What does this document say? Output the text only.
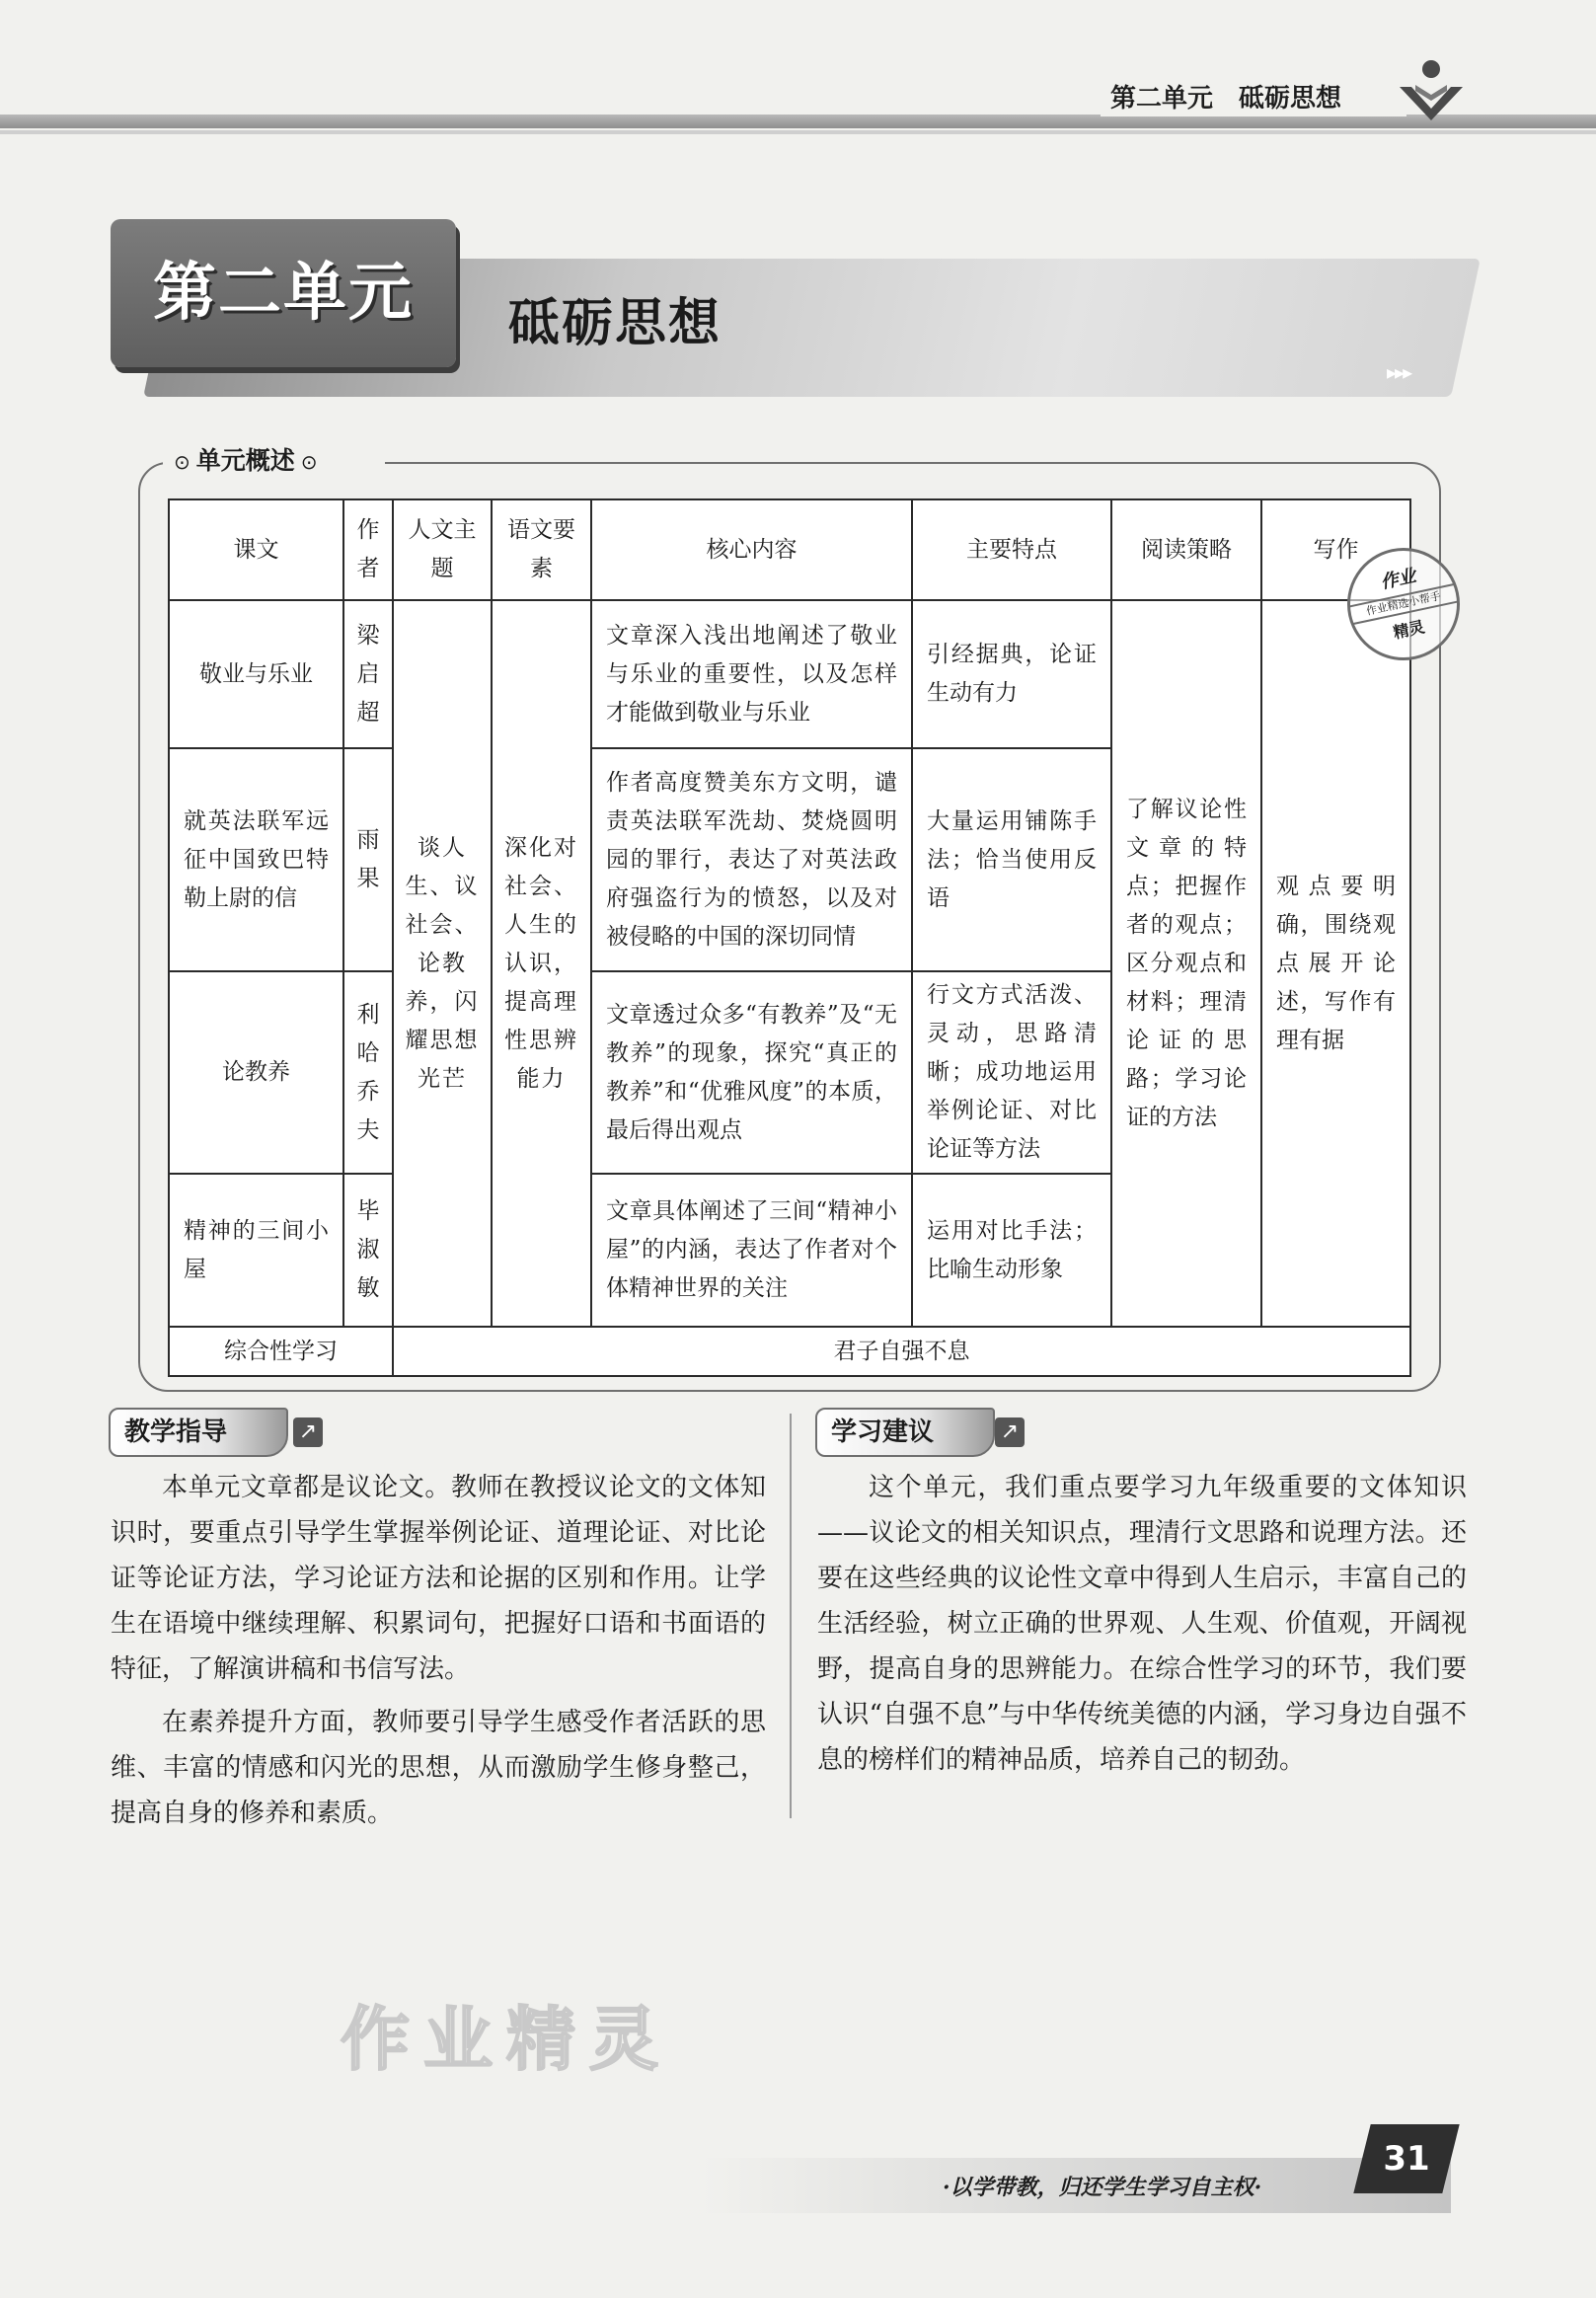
第二单元 砥砺思想
第二单元	砥砺思想
▸▸▸
⊙ 单元概述 ⊙
课文	作者	人文主题	语文要素	核心内容	主要特点	阅读策略	写作
敬业与乐业	梁启超	谈人生、议社会、论教养，闪耀思想光芒	深化对社会、人生的认识，提高理性思辨能力	文章深入浅出地阐述了敬业与乐业的重要性，以及怎样才能做到敬业与乐业	引经据典，论证生动有力	了解议论性文章的特点；把握作者的观点；区分观点和材料；理清论证的思路；学习论证的方法	观点要明确，围绕观点展开论述，写作有理有据
就英法联军远征中国致巴特勒上尉的信	雨果			作者高度赞美东方文明，谴责英法联军洗劫、焚烧圆明园的罪行，表达了对英法政府强盗行为的愤怒，以及对被侵略的中国的深切同情	大量运用铺陈手法；恰当使用反语		
论教养	利哈乔夫			文章透过众多“有教养”及“无教养”的现象，探究“真正的教养”和“优雅风度”的本质，最后得出观点	行文方式活泼、灵动，思路清晰；成功地运用举例论证、对比论证等方法		
精神的三间小屋	毕淑敏			文章具体阐述了三间“精神小屋”的内涵，表达了作者对个体精神世界的关注	运用对比手法；比喻生动形象		
综合性学习		君子自强不息					
作业
作业精选小帮手
精灵
教学指导	↗

本单元文章都是议论文。教师在教授议论文的文体知识时，要重点引导学生掌握举例论证、道理论证、对比论证等论证方法，学习论证方法和论据的区别和作用。让学生在语境中继续理解、积累词句，把握好口语和书面语的特征，了解演讲稿和书信写法。

在素养提升方面，教师要引导学生感受作者活跃的思维、丰富的情感和闪光的思想，从而激励学生修身整己，提高自身的修养和素质。

学习建议	↗

这个单元，我们重点要学习九年级重要的文体知识——议论文的相关知识点，理清行文思路和说理方法。还要在这些经典的议论性文章中得到人生启示，丰富自己的生活经验，树立正确的世界观、人生观、价值观，开阔视野，提高自身的思辨能力。在综合性学习的环节，我们要认识“自强不息”与中华传统美德的内涵，学习身边自强不息的榜样们的精神品质，培养自己的韧劲。

作业精灵
·以学带教，归还学生学习自主权·
31
